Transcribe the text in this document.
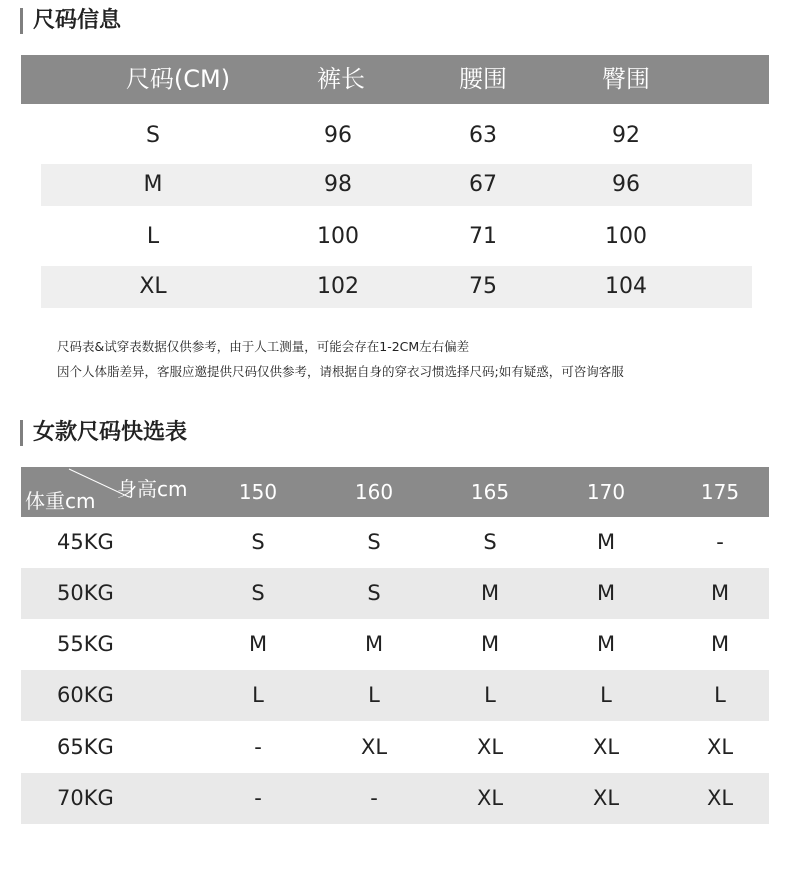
尺码信息
尺码(CM)	裤长	腰围	臀围
S	96	63	92
M	98	67	96
L	100	71	100
XL	102	75	104
尺码表&试穿表数据仅供参考，由于人工测量，可能会存在1-2CM左右偏差
因个人体脂差异，客服应邀提供尺码仅供参考，请根据自身的穿衣习惯选择尺码;如有疑惑，可咨询客服
女款尺码快选表
体重cm 身高cm	150	160	165	170	175
45KG	S	S	S	M	-
50KG	S	S	M	M	M
55KG	M	M	M	M	M
60KG	L	L	L	L	L
65KG	-	XL	XL	XL	XL
70KG	-	-	XL	XL	XL
